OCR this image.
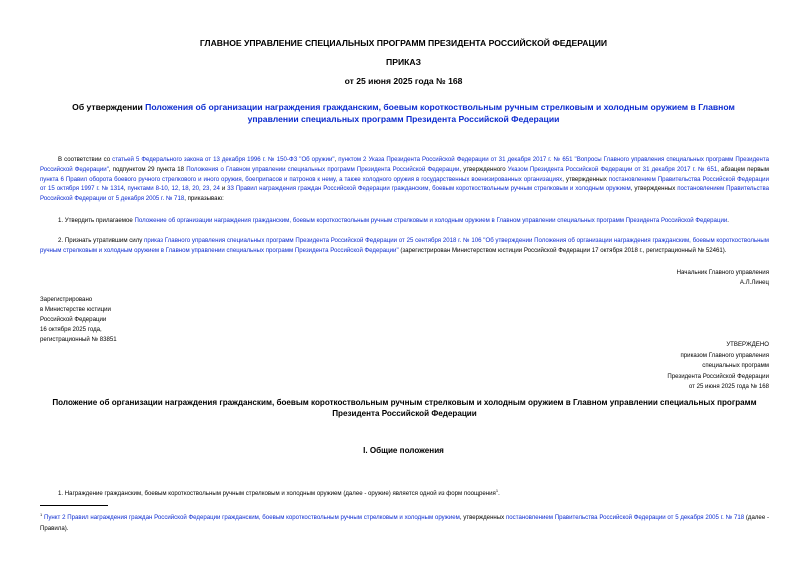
ГЛАВНОЕ УПРАВЛЕНИЕ СПЕЦИАЛЬНЫХ ПРОГРАММ ПРЕЗИДЕНТА РОССИЙСКОЙ ФЕДЕРАЦИИ
ПРИКАЗ
от 25 июня 2025 года № 168
Об утверждении Положения об организации награждения гражданским, боевым короткоствольным ручным стрелковым и холодным оружием в Главном управлении специальных программ Президента Российской Федерации
В соответствии со статьей 5 Федерального закона от 13 декабря 1996 г. № 150-ФЗ "Об оружии", пунктом 2 Указа Президента Российской Федерации от 31 декабря 2017 г. № 651 "Вопросы Главного управления специальных программ Президента Российской Федерации", подпунктом 29 пункта 18 Положения о Главном управлении специальных программ Президента Российской Федерации, утвержденного Указом Президента Российской Федерации от 31 декабря 2017 г. № 651, абзацем первым пункта 6 Правил оборота боевого ручного стрелкового и иного оружия, боеприпасов и патронов к нему, а также холодного оружия в государственных военизированных организациях, утвержденных постановлением Правительства Российской Федерации от 15 октября 1997 г. № 1314, пунктами 8-10, 12, 18, 20, 23, 24 и 33 Правил награждения граждан Российской Федерации гражданским, боевым короткоствольным ручным стрелковым и холодным оружием, утвержденных постановлением Правительства Российской Федерации от 5 декабря 2005 г. № 718, приказываю:
1. Утвердить прилагаемое Положение об организации награждения гражданским, боевым короткоствольным ручным стрелковым и холодным оружием в Главном управлении специальных программ Президента Российской Федерации.
2. Признать утратившим силу приказ Главного управления специальных программ Президента Российской Федерации от 25 сентября 2018 г. № 106 "Об утверждении Положения об организации награждения гражданским, боевым короткоствольным ручным стрелковым и холодным оружием в Главном управлении специальных программ Президента Российской Федерации" (зарегистрирован Министерством юстиции Российской Федерации 17 октября 2018 г., регистрационный № 52461).
Начальник Главного управления
А.Л.Линец
Зарегистрировано
в Министерстве юстиции
Российской Федерации
16 октября 2025 года,
регистрационный № 83851
УТВЕРЖДЕНО
приказом Главного управления
специальных программ
Президента Российской Федерации
от 25 июня 2025 года № 168
Положение об организации награждения гражданским, боевым короткоствольным ручным стрелковым и холодным оружием в Главном управлении специальных программ Президента Российской Федерации
I. Общие положения
1. Награждение гражданским, боевым короткоствольным ручным стрелковым и холодным оружием (далее - оружие) является одной из форм поощрения$^1$.
$^1$ Пункт 2 Правил награждения граждан Российской Федерации гражданским, боевым короткоствольным ручным стрелковым и холодным оружием, утвержденных постановлением Правительства Российской Федерации от 5 декабря 2005 г. № 718 (далее - Правила).
